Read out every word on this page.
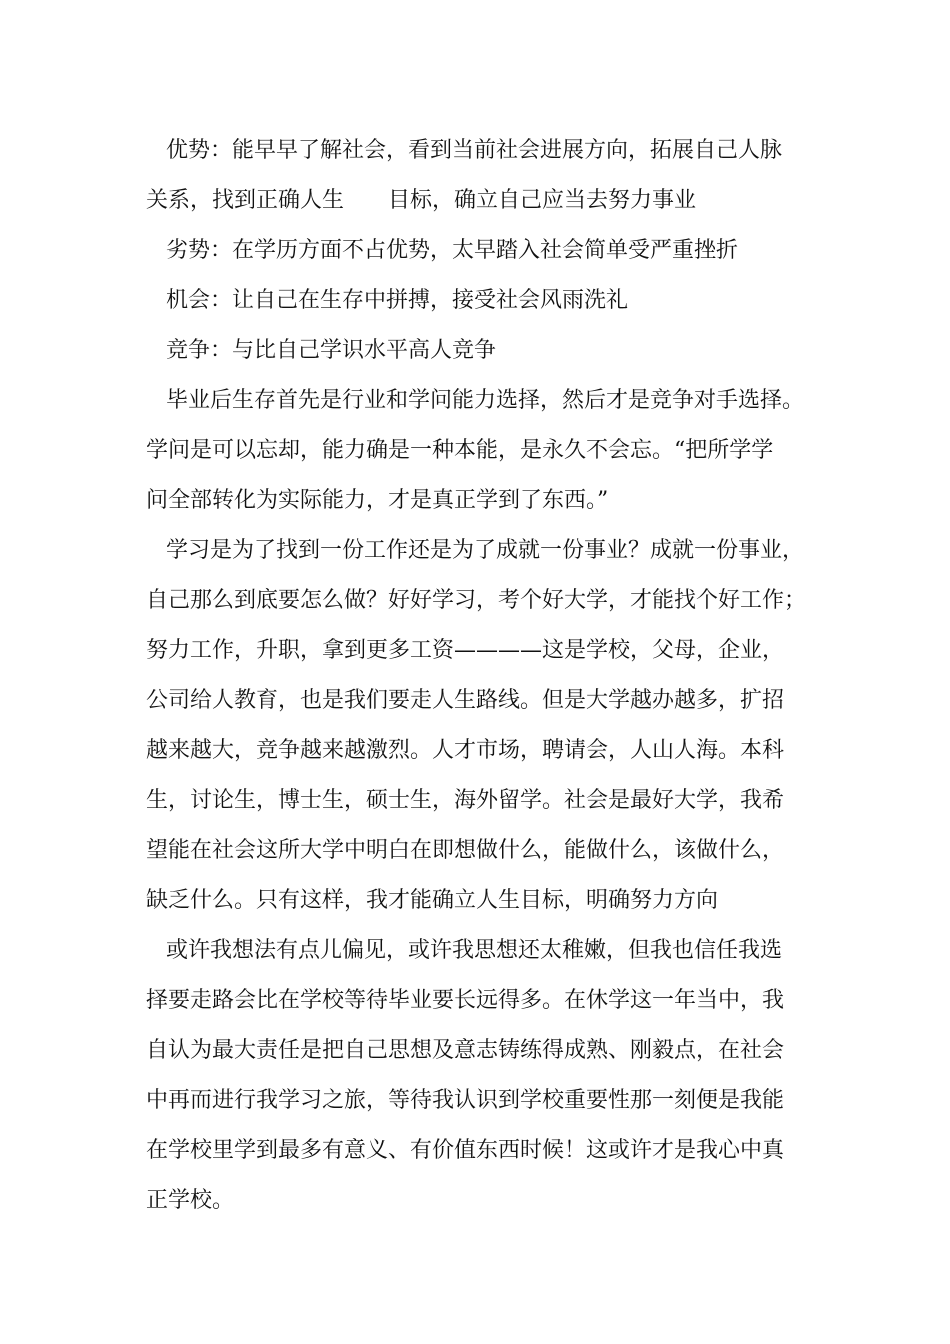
优势：能早早了解社会，看到当前社会进展方向，拓展自己人脉

关系，找到正确人生 目标，确立自己应当去努力事业

劣势：在学历方面不占优势，太早踏入社会简单受严重挫折

机会：让自己在生存中拼搏，接受社会风雨洗礼

竞争：与比自己学识水平高人竞争

毕业后生存首先是行业和学问能力选择，然后才是竞争对手选择。

学问是可以忘却，能力确是一种本能，是永久不会忘。“把所学学

问全部转化为实际能力，才是真正学到了东西。”

学习是为了找到一份工作还是为了成就一份事业？成就一份事业，

自己那么到底要怎么做？好好学习，考个好大学，才能找个好工作；

努力工作，升职，拿到更多工资————这是学校，父母，企业，

公司给人教育，也是我们要走人生路线。但是大学越办越多，扩招

越来越大，竞争越来越激烈。人才市场，聘请会，人山人海。本科

生，讨论生，博士生，硕士生，海外留学。社会是最好大学，我希

望能在社会这所大学中明白在即想做什么，能做什么，该做什么，

缺乏什么。只有这样，我才能确立人生目标，明确努力方向

或许我想法有点儿偏见，或许我思想还太稚嫩，但我也信任我选

择要走路会比在学校等待毕业要长远得多。在休学这一年当中，我

自认为最大责任是把自己思想及意志铸练得成熟、刚毅点，在社会

中再而进行我学习之旅，等待我认识到学校重要性那一刻便是我能

在学校里学到最多有意义、有价值东西时候！这或许才是我心中真

正学校。
